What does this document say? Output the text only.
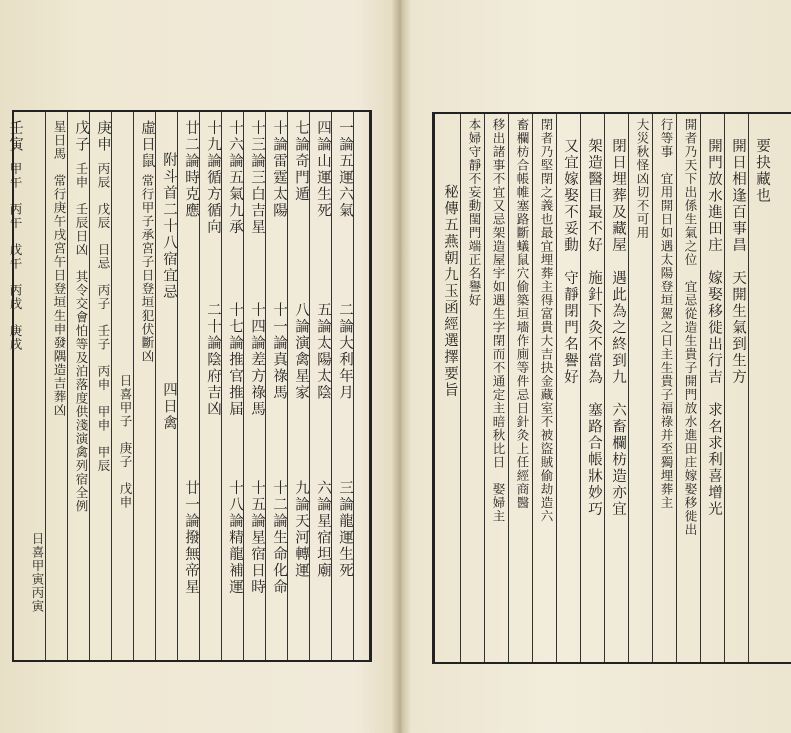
一論五運六氣
二論大利年月
三論龍運生死
四論山運生死
五論太陽太陰
六論星宿坦廟
七論奇門遁
八論演禽星家
九論天河轉運
十論雷霆太陽
十一論真祿馬
十二論生命化命
十三論三白吉星
十四論差方祿馬
十五論星宿日時
十六論五氣九承
十七論推官推届
十八論精龍補運
十九論循方循向
二十論陰府吉凶
廿二論時克應
廿一論撥無帝星
附斗首二十八宿宜忌
四日禽
虛日鼠
常行甲子承宮子日登垣犯伏斷凶
日喜甲子　庚子　戊申
庚申
丙辰　戊辰　日忌　丙子　壬子　丙申　甲申　甲辰
戊子
壬申　壬辰日凶　其令交會怕等及泊落度供淺演禽列宿全例
星日馬　常行庚午戌宮午日登垣生申發隅造吉葬凶
日喜甲寅丙寅
壬寅
甲午　丙午　戊午　丙戌　庚戌	要抉藏也
開日相逢百事昌　天開生氣到生方
開門放水進田庄　嫁娶移徙出行吉　求名求利喜增光
開者乃天下出係生氣之位　宜忌從造生貴子開門放水進田庄嫁娶移徙出
行等事　宜用開日如遇太陽登垣駕之日主生貴子福祿并至獨埋葬主
大災秋怪凶切不可用
閉日埋葬及藏屋　遇此為之終到九　六畜欄枋造亦宜
架造醫目最不好　施針下灸不當為　塞路合帳牀妙巧
又宜嫁娶不妥動　守靜閉門名譽好
閉者乃堅閉之義也最宜埋葬主得富貴大吉抉金藏室不被盜賊偷劫造六
畜欄枋合帳帷塞路斷蟻鼠穴偷築垣墻作廁等件忌日針灸上任經商醫
移出諸事不宜又忌架造屋宇如遇生字閉而不通定主暗秋比日　娶婦主
本婦守靜不妄動閨門端正名譽好
秘傳五燕朝九玉函經選擇要旨
